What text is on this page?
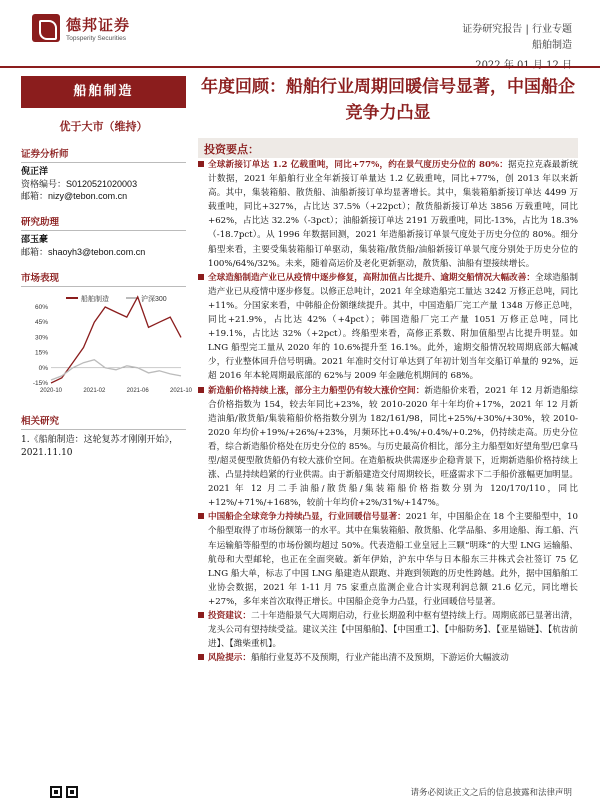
德邦证券
Topsperity Securities
证券研究报告 | 行业专题
船舶制造
船舶制造
优于大市（维持）
证券分析师
倪正洋
资格编号：S0120521020003
邮箱：nizy@tebon.com.cn
研究助理
邵玉豪
邮箱：shaoyh3@tebon.com.cn
市场表现
船舶制造	沪深300
60%
45%
30%
15%
0%
-15%
2020-10	2021-02	2021-06	2021-10
相关研究
1.《船舶制造：这轮复苏才刚刚开始》，2021.11.10
年度回顾：船舶行业周期回暖信号显著，中国船企竞争力凸显
投资要点：
全球新接订单达 1.2 亿载重吨，同比+77%，约在景气度历史分位的 80%：据克拉克森最新统计数据，2021 年船舶行业全年新接订单量达 1.2 亿载重吨，同比+77%，创 2013 年以来新高。其中，集装箱船、散货船、油船新接订单均显著增长。其中，集装箱船新接订单达 4499 万载重吨，同比+327%，占比达 37.5%（+22pct）；散货船新接订单达 3856 万载重吨，同比+62%，占比达 32.2%（-3pct）；油船新接订单达 2191 万载重吨，同比-13%，占比为 18.3%（-18.7pct）。从 1996 年数据回测，2021 年造船新接订单景气度处于历史分位的 80%。细分船型来看，主要受集装箱船订单驱动，集装箱/散货船/油船新接订单景气度分别处于历史分位的 100%/64%/32%。未来，随着高运价及老化更新驱动，散货船、油船有望接续增长。
全球造船制造产业已从疫情中逐步修复，高附加值占比提升、逾期交船情况大幅改善：全球造船制造产业已从疫情中逐步修复。以修正总吨计，2021 年全球造船完工量达 3242 万修正总吨，同比+11%。分国家来看，中韩船企份额继续提升。其中，中国造船厂完工产量 1348 万修正总吨，同比+21.9%，占比达 42%（+4pct）；韩国造船厂完工产量 1051 万修正总吨，同比+19.1%，占比达 32%（+2pct）。终船型来看，高修正系数、附加值船型占比提升明显。如 LNG 船型完工量从 2020 年的 10.6%提升至 16.1%。此外，逾期交船情况较周期底部大幅减少，行业整体回升信号明确。2021 年准时交付订单达到了年初计划当年交船订单量的 92%，远超 2016 年本轮周期最底部的 62%与 2009 年金融危机期间的 68%。
新造船价格持续上涨，部分主力船型仍有较大涨价空间：新造船价来看，2021 年 12 月新造船综合价格指数为 154，较去年同比+23%，较 2010-2020 年十年均价+17%，2021 年 12 月新造油船/散货船/集装箱船价格指数分别为 182/161/98，同比+25%/+30%/+30%，较 2010-2020 年均价+19%/+26%/+23%，月频环比+0.4%/+0.4%/+0.2%，仍持续走高。历史分位看，综合新造船价格处在历史分位的 85%。与历史最高价相比，部分主力船型如好望角型/巴拿马型/超灵便型散货船仍有较大涨价空间。在造船板块供需逐步企稳背景下，近期新造船价格持续上涨、凸显持续趋紧的行业供需。由于新船建造交付周期较长，旺盛需求下二手船价涨幅更加明显。2021 年 12 月二手油船/散货船/集装箱船价格指数分别为 120/170/110，同比+12%/+71%/+168%，较前十年均价+2%/31%/+147%。
中国船企全球竞争力持续凸显，行业回暖信号显著：2021 年，中国船企在 18 个主要船型中，10 个船型取得了市场份额第一的水平。其中在集装箱船、散货船、化学品船、多用途船、海工船、汽车运输船等船型的市场份额均超过 50%。代表造船工业皇冠上三颗“明珠”的大型 LNG 运输船、航母和大型邮轮，也正在全面突破。新年伊始，沪东中华与日本船东三井株式会社签订 75 亿 LNG 船大单，标志了中国 LNG 船建造从跟跑、并跑到领跑的历史性跨越。此外，据中国船舶工业协会数据，2021 年 1-11 月 75 家重点监测企业合计实现利润总额 21.6 亿元，同比增长+27%，多年来首次取得正增长。中国船企竞争力凸显，行业回暖信号显著。
投资建议：二十年造船景气大周期启动，行业长期盈利中枢有望持续上行。周期底部已显著出清，龙头公司有望持续受益。建议关注【中国船舶】、【中国重工】、【中船防务】、【亚星锚链】、【杭齿前进】、【潍柴重机】。
风险提示：船舶行业复苏不及预期，行业产能出清不及预期，下游运价大幅波动
请务必阅读正文之后的信息披露和法律声明
